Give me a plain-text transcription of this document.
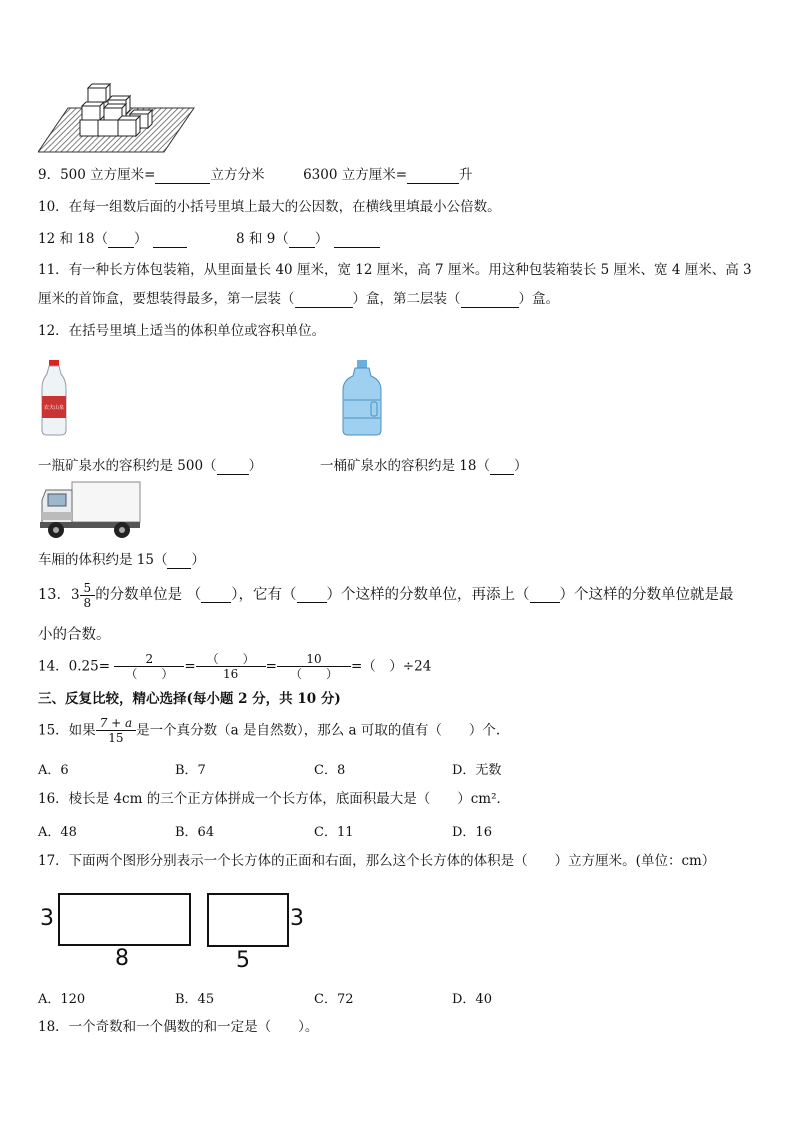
9．500 立方厘米=	立方分米	6300 立方厘米=	升
10．在每一组数后面的小括号里填上最大的公因数，在横线里填最小公倍数。
12 和 18（ ）	8 和 9（ ）
11．有一种长方体包装箱，从里面量长 40 厘米，宽 12 厘米，高 7 厘米。用这种包装箱装长 5 厘米、宽 4 厘米、高 3
厘米的首饰盒，要想装得最多，第一层装（	）盒，第二层装（	）盒。
12．在括号里填上适当的体积单位或容积单位。
农夫山泉
一瓶矿泉水的容积约是 500（ ）	一桶矿泉水的容积约是 18（ ）
车厢的体积约是 15（ ）
13．$3 \frac{5}{8}$ 的分数单位是 （ ），它有（ ）个这样的分数单位，再添上（ ）个这样的分数单位就是最
小的合数。
14．$0.25= \frac{2}{( )} = \frac{( )}{16} = \frac{10}{( )}$ =（　）÷24
三、反复比较，精心选择(每小题 2 分，共 10 分)
15．如果 $\frac{7 + a}{15}$ 是一个真分数（a 是自然数），那么 a 可取的值有（　　）个.
A．6	B．7	C．8	D．无数
16．棱长是 4cm 的三个正方体拼成一个长方体，底面积最大是（　　）cm²．
A．48	B．64	C．11	D．16
17．下面两个图形分别表示一个长方体的正面和右面，那么这个长方体的体积是（　　）立方厘米。(单位：cm）
3
8
3
5
A．120	B．45	C．72	D．40
18．一个奇数和一个偶数的和一定是（　　）。
